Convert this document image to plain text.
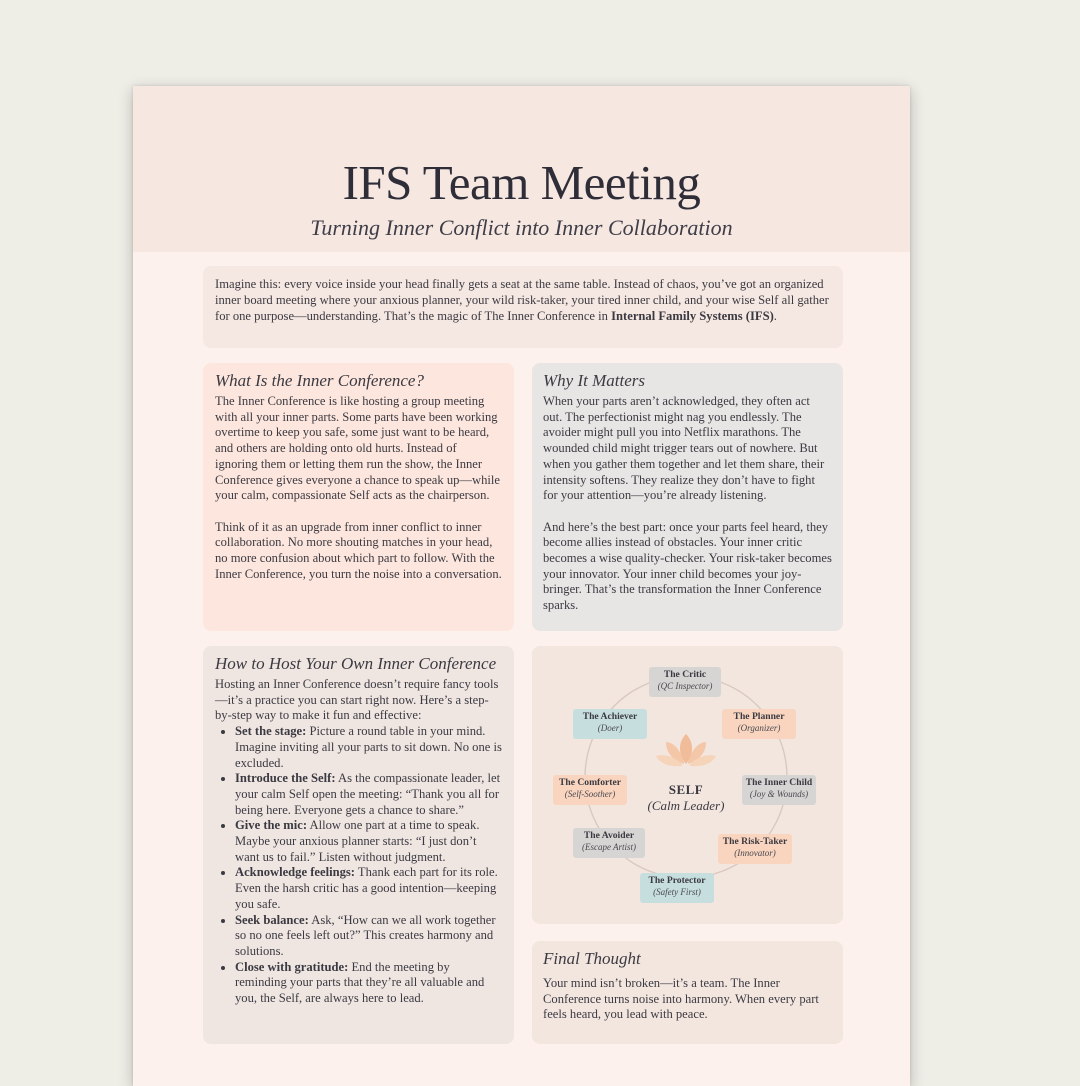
IFS Team Meeting

Turning Inner Conflict into Inner Collaboration

Imagine this: every voice inside your head finally gets a seat at the same table. Instead of chaos, you’ve got an organized inner board meeting where your anxious planner, your wild risk-taker, your tired inner child, and your wise Self all gather for one purpose—understanding. That’s the magic of The Inner Conference in Internal Family Systems (IFS).

What Is the Inner Conference?

The Inner Conference is like hosting a group meeting with all your inner parts. Some parts have been working overtime to keep you safe, some just want to be heard, and others are holding onto old hurts. Instead of ignoring them or letting them run the show, the Inner Conference gives everyone a chance to speak up—while your calm, compassionate Self acts as the chairperson.

Think of it as an upgrade from inner conflict to inner collaboration. No more shouting matches in your head, no more confusion about which part to follow. With the Inner Conference, you turn the noise into a conversation.

Why It Matters

When your parts aren’t acknowledged, they often act out. The perfectionist might nag you endlessly. The avoider might pull you into Netflix marathons. The wounded child might trigger tears out of nowhere. But when you gather them together and let them share, their intensity softens. They realize they don’t have to fight for your attention—you’re already listening.

And here’s the best part: once your parts feel heard, they become allies instead of obstacles. Your inner critic becomes a wise quality-checker. Your risk-taker becomes your innovator. Your inner child becomes your joy-bringer. That’s the transformation the Inner Conference sparks.

How to Host Your Own Inner Conference

Hosting an Inner Conference doesn’t require fancy tools—it’s a practice you can start right now. Here’s a step-by-step way to make it fun and effective:

• Set the stage: Picture a round table in your mind. Imagine inviting all your parts to sit down. No one is excluded.
• Introduce the Self: As the compassionate leader, let your calm Self open the meeting: “Thank you all for being here. Everyone gets a chance to share.”
• Give the mic: Allow one part at a time to speak. Maybe your anxious planner starts: “I just don’t want us to fail.” Listen without judgment.
• Acknowledge feelings: Thank each part for its role. Even the harsh critic has a good intention—keeping you safe.
• Seek balance: Ask, “How can we all work together so no one feels left out?” This creates harmony and solutions.
• Close with gratitude: End the meeting by reminding your parts that they’re all valuable and you, the Self, are always here to lead.
SELF
(Calm Leader)
The Critic
(QC Inspector)
The Planner
(Organizer)
The Inner Child
(Joy & Wounds)
The Risk-Taker
(Innovator)
The Protector
(Safety First)
The Avoider
(Escape Artist)
The Comforter
(Self-Soother)
The Achiever
(Doer)
Final Thought

Your mind isn’t broken—it’s a team. The Inner Conference turns noise into harmony. When every part feels heard, you lead with peace.
